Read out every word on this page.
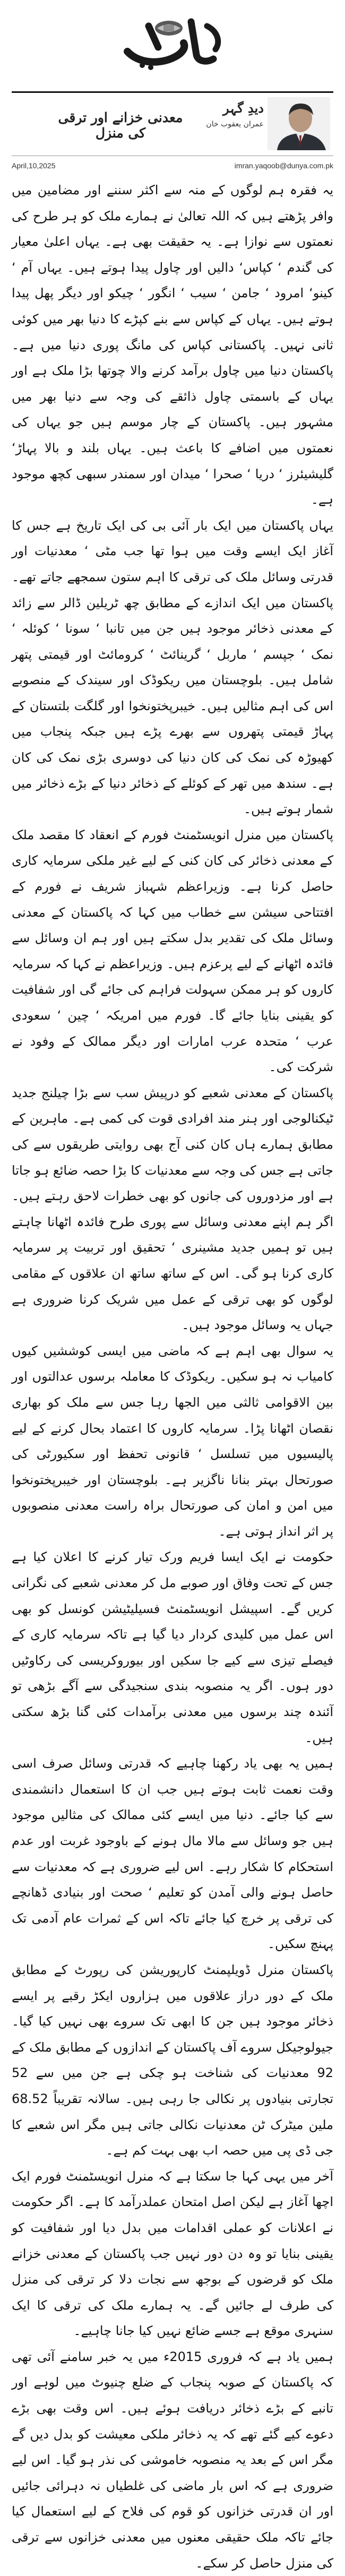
معدنی خزانے اور ترقی کی منزل
دیدِ گہر
عمران یعقوب خان
April,10,2025	imran.yaqoob@dunya.com.pk

یہ فقرہ ہم لوگوں کے منہ سے اکثر سننے اور مضامین میں وافر پڑھتے ہیں کہ اللہ تعالیٰ نے ہمارے ملک کو ہر طرح کی نعمتوں سے نوازا ہے۔ یہ حقیقت بھی ہے۔ یہاں اعلیٰ معیار کی گندم ‘ کپاس‘ دالیں اور چاول پیدا ہوتے ہیں۔ یہاں آم ‘ کینو‘ امرود ‘ جامن ‘ سیب ‘ انگور ‘ چیکو اور دیگر پھل پیدا ہوتے ہیں۔ یہاں کے کپاس سے بنے کپڑے کا دنیا بھر میں کوئی ثانی نہیں۔ پاکستانی کپاس کی مانگ پوری دنیا میں ہے۔ پاکستان دنیا میں چاول برآمد کرنے والا چوتھا بڑا ملک ہے اور یہاں کے باسمتی چاول ذائقے کی وجہ سے دنیا بھر میں مشہور ہیں۔ پاکستان کے چار موسم ہیں جو یہاں کی نعمتوں میں اضافے کا باعث ہیں۔ یہاں بلند و بالا پہاڑ‘ گلیشیئرز ‘ دریا ‘ صحرا ‘ میدان اور سمندر سبھی کچھ موجود ہے۔

یہاں پاکستان میں ایک بار آئی بی کی ایک تاریخ ہے جس کا آغاز ایک ایسے وقت میں ہوا تھا جب مٹی ‘ معدنیات اور قدرتی وسائل ملک کی ترقی کا اہم ستون سمجھے جاتے تھے۔ پاکستان میں ایک اندازے کے مطابق چھ ٹریلین ڈالر سے زائد کے معدنی ذخائر موجود ہیں جن میں تانبا ‘ سونا ‘ کوئلہ ‘ نمک ‘ جپسم ‘ ماربل ‘ گرینائٹ ‘ کرومائٹ اور قیمتی پتھر شامل ہیں۔ بلوچستان میں ریکوڈک اور سیندک کے منصوبے اس کی اہم مثالیں ہیں۔ خیبرپختونخوا اور گلگت بلتستان کے پہاڑ قیمتی پتھروں سے بھرے پڑے ہیں جبکہ پنجاب میں کھیوڑہ کی نمک کی کان دنیا کی دوسری بڑی نمک کی کان ہے۔ سندھ میں تھر کے کوئلے کے ذخائر دنیا کے بڑے ذخائر میں شمار ہوتے ہیں۔

پاکستان میں منرل انویسٹمنٹ فورم کے انعقاد کا مقصد ملک کے معدنی ذخائر کی کان کنی کے لیے غیر ملکی سرمایہ کاری حاصل کرنا ہے۔ وزیراعظم شہباز شریف نے فورم کے افتتاحی سیشن سے خطاب میں کہا کہ پاکستان کے معدنی وسائل ملک کی تقدیر بدل سکتے ہیں اور ہم ان وسائل سے فائدہ اٹھانے کے لیے پرعزم ہیں۔ وزیراعظم نے کہا کہ سرمایہ کاروں کو ہر ممکن سہولت فراہم کی جائے گی اور شفافیت کو یقینی بنایا جائے گا۔ فورم میں امریکہ ‘ چین ‘ سعودی عرب ‘ متحدہ عرب امارات اور دیگر ممالک کے وفود نے شرکت کی۔

پاکستان کے معدنی شعبے کو درپیش سب سے بڑا چیلنج جدید ٹیکنالوجی اور ہنر مند افرادی قوت کی کمی ہے۔ ماہرین کے مطابق ہمارے ہاں کان کنی آج بھی روایتی طریقوں سے کی جاتی ہے جس کی وجہ سے معدنیات کا بڑا حصہ ضائع ہو جاتا ہے اور مزدوروں کی جانوں کو بھی خطرات لاحق رہتے ہیں۔ اگر ہم اپنے معدنی وسائل سے پوری طرح فائدہ اٹھانا چاہتے ہیں تو ہمیں جدید مشینری ‘ تحقیق اور تربیت پر سرمایہ کاری کرنا ہو گی۔ اس کے ساتھ ساتھ ان علاقوں کے مقامی لوگوں کو بھی ترقی کے عمل میں شریک کرنا ضروری ہے جہاں یہ وسائل موجود ہیں۔

یہ سوال بھی اہم ہے کہ ماضی میں ایسی کوششیں کیوں کامیاب نہ ہو سکیں۔ ریکوڈک کا معاملہ برسوں عدالتوں اور بین الاقوامی ثالثی میں الجھا رہا جس سے ملک کو بھاری نقصان اٹھانا پڑا۔ سرمایہ کاروں کا اعتماد بحال کرنے کے لیے پالیسیوں میں تسلسل ‘ قانونی تحفظ اور سکیورٹی کی صورتحال بہتر بنانا ناگزیر ہے۔ بلوچستان اور خیبرپختونخوا میں امن و امان کی صورتحال براہ راست معدنی منصوبوں پر اثر انداز ہوتی ہے۔

حکومت نے ایک ایسا فریم ورک تیار کرنے کا اعلان کیا ہے جس کے تحت وفاق اور صوبے مل کر معدنی شعبے کی نگرانی کریں گے۔ اسپیشل انویسٹمنٹ فسیلیٹیشن کونسل کو بھی اس عمل میں کلیدی کردار دیا گیا ہے تاکہ سرمایہ کاری کے فیصلے تیزی سے کیے جا سکیں اور بیوروکریسی کی رکاوٹیں دور ہوں۔ اگر یہ منصوبہ بندی سنجیدگی سے آگے بڑھی تو آئندہ چند برسوں میں معدنی برآمدات کئی گنا بڑھ سکتی ہیں۔

ہمیں یہ بھی یاد رکھنا چاہیے کہ قدرتی وسائل صرف اسی وقت نعمت ثابت ہوتے ہیں جب ان کا استعمال دانشمندی سے کیا جائے۔ دنیا میں ایسے کئی ممالک کی مثالیں موجود ہیں جو وسائل سے مالا مال ہونے کے باوجود غربت اور عدم استحکام کا شکار رہے۔ اس لیے ضروری ہے کہ معدنیات سے حاصل ہونے والی آمدن کو تعلیم ‘ صحت اور بنیادی ڈھانچے کی ترقی پر خرچ کیا جائے تاکہ اس کے ثمرات عام آدمی تک پہنچ سکیں۔

پاکستان منرل ڈویلپمنٹ کارپوریشن کی رپورٹ کے مطابق ملک کے دور دراز علاقوں میں ہزاروں ایکڑ رقبے پر ایسے ذخائر موجود ہیں جن کا ابھی تک سروے بھی نہیں کیا گیا۔ جیولوجیکل سروے آف پاکستان کے اندازوں کے مطابق ملک کے 92 معدنیات کی شناخت ہو چکی ہے جن میں سے 52 تجارتی بنیادوں پر نکالی جا رہی ہیں۔ سالانہ تقریباً 68.52 ملین میٹرک ٹن معدنیات نکالی جاتی ہیں مگر اس شعبے کا جی ڈی پی میں حصہ اب بھی بہت کم ہے۔

آخر میں یہی کہا جا سکتا ہے کہ منرل انویسٹمنٹ فورم ایک اچھا آغاز ہے لیکن اصل امتحان عملدرآمد کا ہے۔ اگر حکومت نے اعلانات کو عملی اقدامات میں بدل دیا اور شفافیت کو یقینی بنایا تو وہ دن دور نہیں جب پاکستان کے معدنی خزانے ملک کو قرضوں کے بوجھ سے نجات دلا کر ترقی کی منزل کی طرف لے جائیں گے۔ یہ ہمارے ملک کی ترقی کا ایک سنہری موقع ہے جسے ضائع نہیں کیا جانا چاہیے۔

ہمیں یاد ہے کہ فروری 2015ء میں یہ خبر سامنے آئی تھی کہ پاکستان کے صوبہ پنجاب کے ضلع چنیوٹ میں لوہے اور تانبے کے بڑے ذخائر دریافت ہوئے ہیں۔ اس وقت بھی بڑے دعوے کیے گئے تھے کہ یہ ذخائر ملکی معیشت کو بدل دیں گے مگر اس کے بعد یہ منصوبہ خاموشی کی نذر ہو گیا۔ اس لیے ضروری ہے کہ اس بار ماضی کی غلطیاں نہ دہرائی جائیں اور ان قدرتی خزانوں کو قوم کی فلاح کے لیے استعمال کیا جائے تاکہ ملک حقیقی معنوں میں معدنی خزانوں سے ترقی کی منزل حاصل کر سکے۔
